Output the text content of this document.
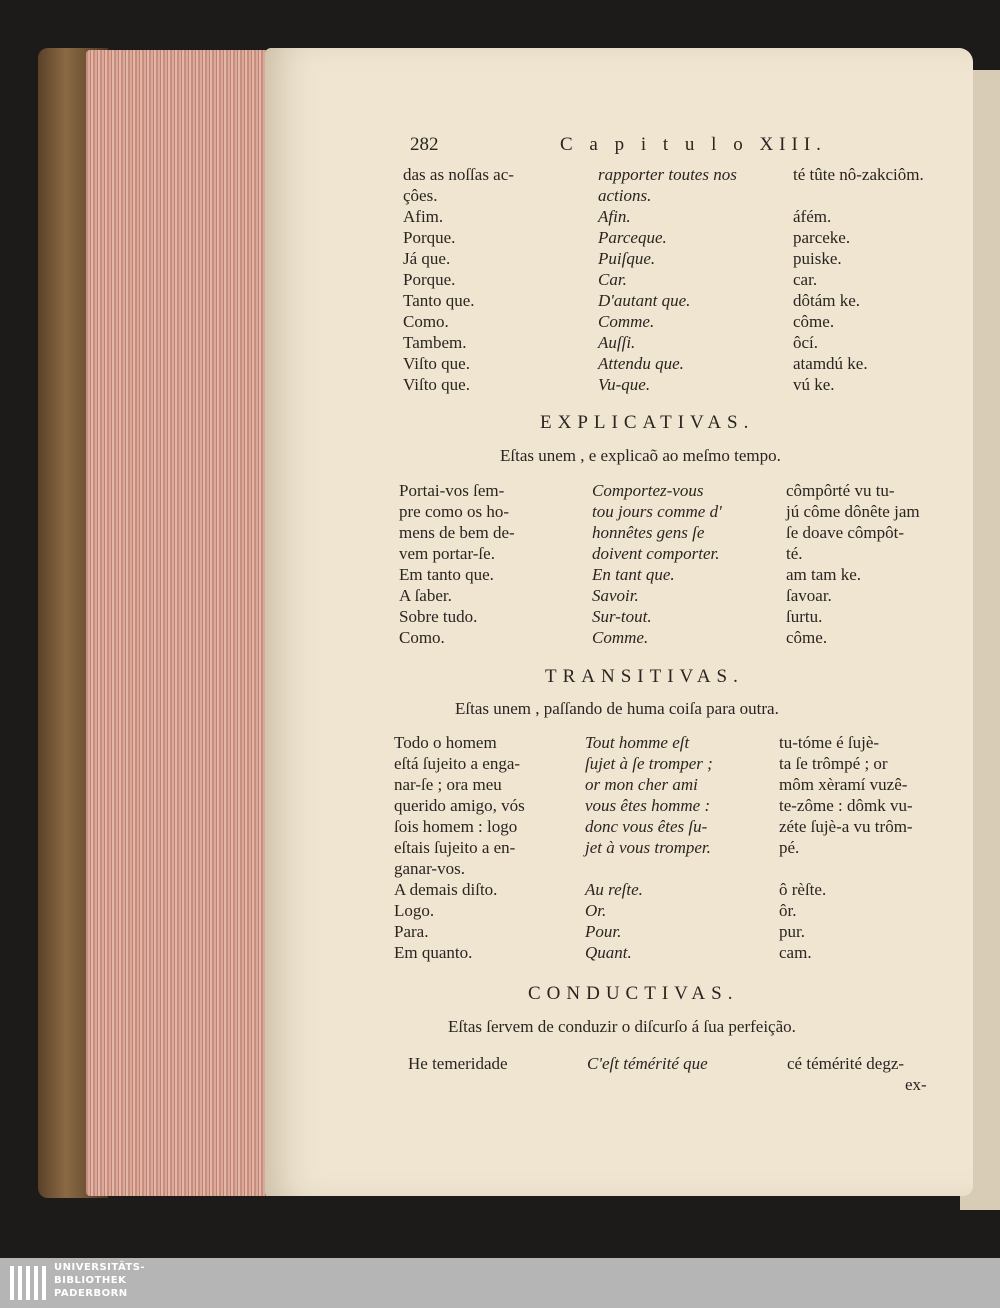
282	C a p i t u l o XIII.
das as noſſas ac-	rapporter toutes nos	té tûte nô-zakciôm.
çôes.	actions.
Afim.	Afin.	áfém.
Porque.	Parceque.	parceke.
Já que.	Puiſque.	puiske.
Porque.	Car.	car.
Tanto que.	D'autant que.	dôtám ke.
Como.	Comme.	côme.
Tambem.	Auſſi.	ôcí.
Viſto que.	Attendu que.	atamdú ke.
Viſto que.	Vu-que.	vú ke.
EXPLICATIVAS.
Eſtas unem , e explicaõ ao meſmo tempo.
Portai-vos ſem-	Comportez-vous	cômpôrté vu tu-
pre como os ho-	tou jours comme d'	jú côme dônête jam
mens de bem de-	honnêtes gens ſe	ſe doave cômpôt-
vem portar-ſe.	doivent comporter.	té.
Em tanto que.	En tant que.	am tam ke.
A ſaber.	Savoir.	ſavoar.
Sobre tudo.	Sur-tout.	ſurtu.
Como.	Comme.	côme.
TRANSITIVAS.
Eſtas unem , paſſando de huma coiſa para outra.
Todo o homem	Tout homme eſt	tu-tóme é ſujè-
eſtá ſujeito a enga-	ſujet à ſe tromper ;	ta ſe trômpé ; or
nar-ſe ; ora meu	or mon cher ami	môm xèramí vuzê-
querido amigo, vós	vous êtes homme :	te-zôme : dômk vu-
ſois homem : logo	donc vous êtes ſu-	zéte ſujè-a vu trôm-
eſtais ſujeito a en-	jet à vous tromper.	pé.
ganar-vos.
A demais diſto.	Au reſte.	ô rèſte.
Logo.	Or.	ôr.
Para.	Pour.	pur.
Em quanto.	Quant.	cam.
CONDUCTIVAS.
Eſtas ſervem de conduzir o diſcurſo á ſua perfeição.
He temeridade	C'eſt témérité que	cé témérité degz-
ex-
UNIVERSITÄTS-
BIBLIOTHEK
PADERBORN
